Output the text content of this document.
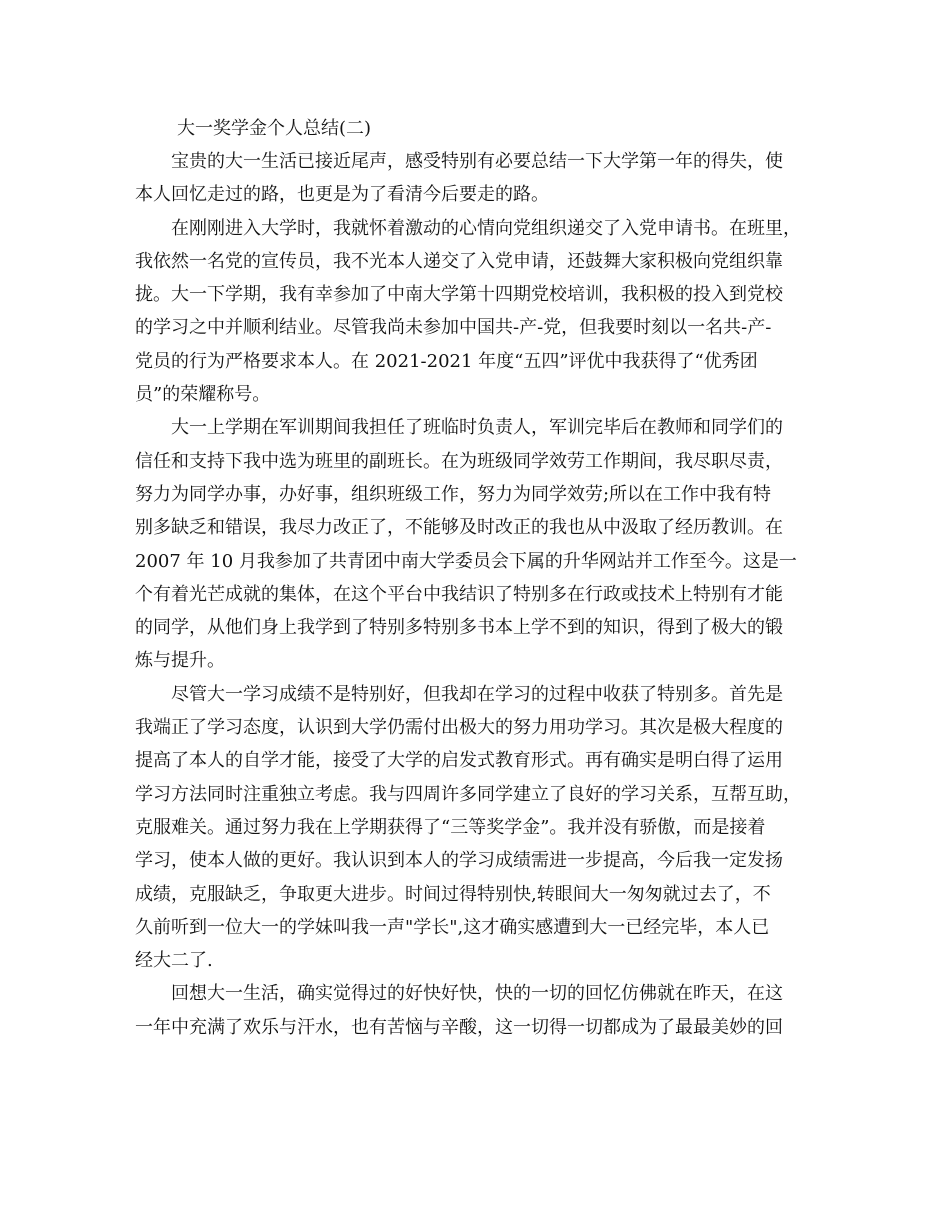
大一奖学金个人总结(二)
宝贵的大一生活已接近尾声，感受特别有必要总结一下大学第一年的得失，使
本人回忆走过的路，也更是为了看清今后要走的路。
在刚刚进入大学时，我就怀着激动的心情向党组织递交了入党申请书。在班里，
我依然一名党的宣传员，我不光本人递交了入党申请，还鼓舞大家积极向党组织靠
拢。大一下学期，我有幸参加了中南大学第十四期党校培训，我积极的投入到党校
的学习之中并顺利结业。尽管我尚未参加中国共-产-党，但我要时刻以一名共-产-
党员的行为严格要求本人。在 2021-2021 年度“五四”评优中我获得了“优秀团
员”的荣耀称号。
大一上学期在军训期间我担任了班临时负责人，军训完毕后在教师和同学们的
信任和支持下我中选为班里的副班长。在为班级同学效劳工作期间，我尽职尽责，
努力为同学办事，办好事，组织班级工作，努力为同学效劳;所以在工作中我有特
别多缺乏和错误，我尽力改正了，不能够及时改正的我也从中汲取了经历教训。在
2007 年 10 月我参加了共青团中南大学委员会下属的升华网站并工作至今。这是一
个有着光芒成就的集体，在这个平台中我结识了特别多在行政或技术上特别有才能
的同学，从他们身上我学到了特别多特别多书本上学不到的知识，得到了极大的锻
炼与提升。
尽管大一学习成绩不是特别好，但我却在学习的过程中收获了特别多。首先是
我端正了学习态度，认识到大学仍需付出极大的努力用功学习。其次是极大程度的
提高了本人的自学才能，接受了大学的启发式教育形式。再有确实是明白得了运用
学习方法同时注重独立考虑。我与四周许多同学建立了良好的学习关系，互帮互助，
克服难关。通过努力我在上学期获得了“三等奖学金”。我并没有骄傲，而是接着
学习，使本人做的更好。我认识到本人的学习成绩需进一步提高，今后我一定发扬
成绩，克服缺乏，争取更大进步。时间过得特别快,转眼间大一匆匆就过去了，不
久前听到一位大一的学妹叫我一声"学长",这才确实感遭到大一已经完毕，本人已
经大二了.
回想大一生活，确实觉得过的好快好快，快的一切的回忆仿佛就在昨天，在这
一年中充满了欢乐与汗水，也有苦恼与辛酸，这一切得一切都成为了最最美妙的回
